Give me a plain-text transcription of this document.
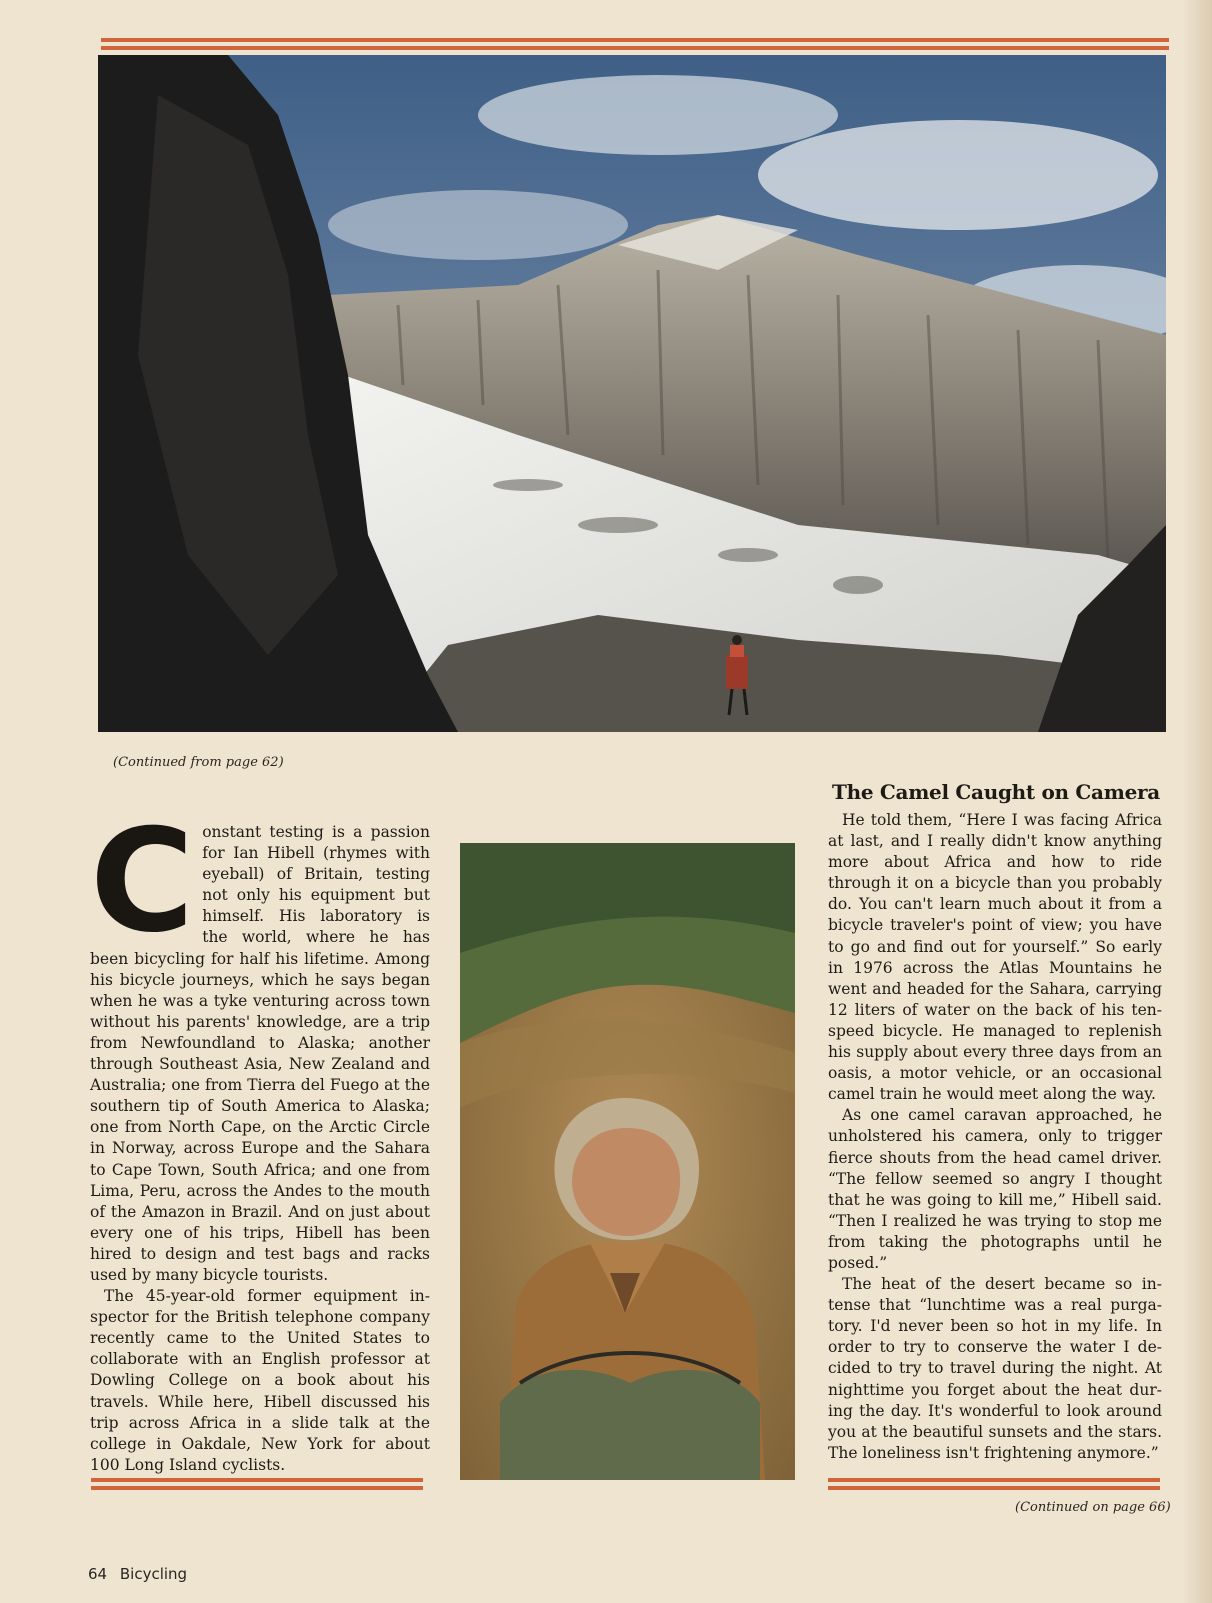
(Continued from page 62)

Constant testing is a passion for Ian Hibell (rhymes with eyeball) of Britain, testing not only his equipment but himself. His laboratory is the world, where he has been bicycling for half his lifetime. Among his bicycle journeys, which he says began when he was a tyke venturing across town without his parents' knowledge, are a trip from Newfoundland to Alaska; another through Southeast Asia, New Zealand and Australia; one from Tierra del Fuego at the southern tip of South America to Alaska; one from North Cape, on the Arctic Circle in Norway, across Europe and the Sahara to Cape Town, South Africa; and one from Lima, Peru, across the Andes to the mouth of the Amazon in Brazil. And on just about every one of his trips, Hibell has been hired to design and test bags and racks used by many bicycle tourists.

The 45-year-old former equipment inspector for the British telephone company recently came to the United States to collaborate with an English professor at Dowling College on a book about his travels. While here, Hibell discussed his trip across Africa in a slide talk at the college in Oakdale, New York for about 100 Long Island cyclists.

The Camel Caught on Camera

He told them, “Here I was facing Africa at last, and I really didn't know anything more about Africa and how to ride through it on a bicycle than you probably do. You can't learn much about it from a bicycle traveler's point of view; you have to go and find out for yourself.” So early in 1976 across the Atlas Mountains he went and headed for the Sahara, carrying 12 liters of water on the back of his ten-speed bicycle. He managed to replenish his supply about every three days from an oasis, a motor vehicle, or an occasional camel train he would meet along the way.

As one camel caravan approached, he unholstered his camera, only to trigger fierce shouts from the head camel driver. “The fellow seemed so angry I thought that he was going to kill me,” Hibell said. “Then I realized he was trying to stop me from taking the photographs until he posed.”

The heat of the desert became so intense that “lunchtime was a real purgatory. I'd never been so hot in my life. In order to try to conserve the water I decided to try to travel during the night. At nighttime you forget about the heat during the day. It's wonderful to look around you at the beautiful sunsets and the stars. The loneliness isn't frightening anymore.”

(Continued on page 66)
64 Bicycling
